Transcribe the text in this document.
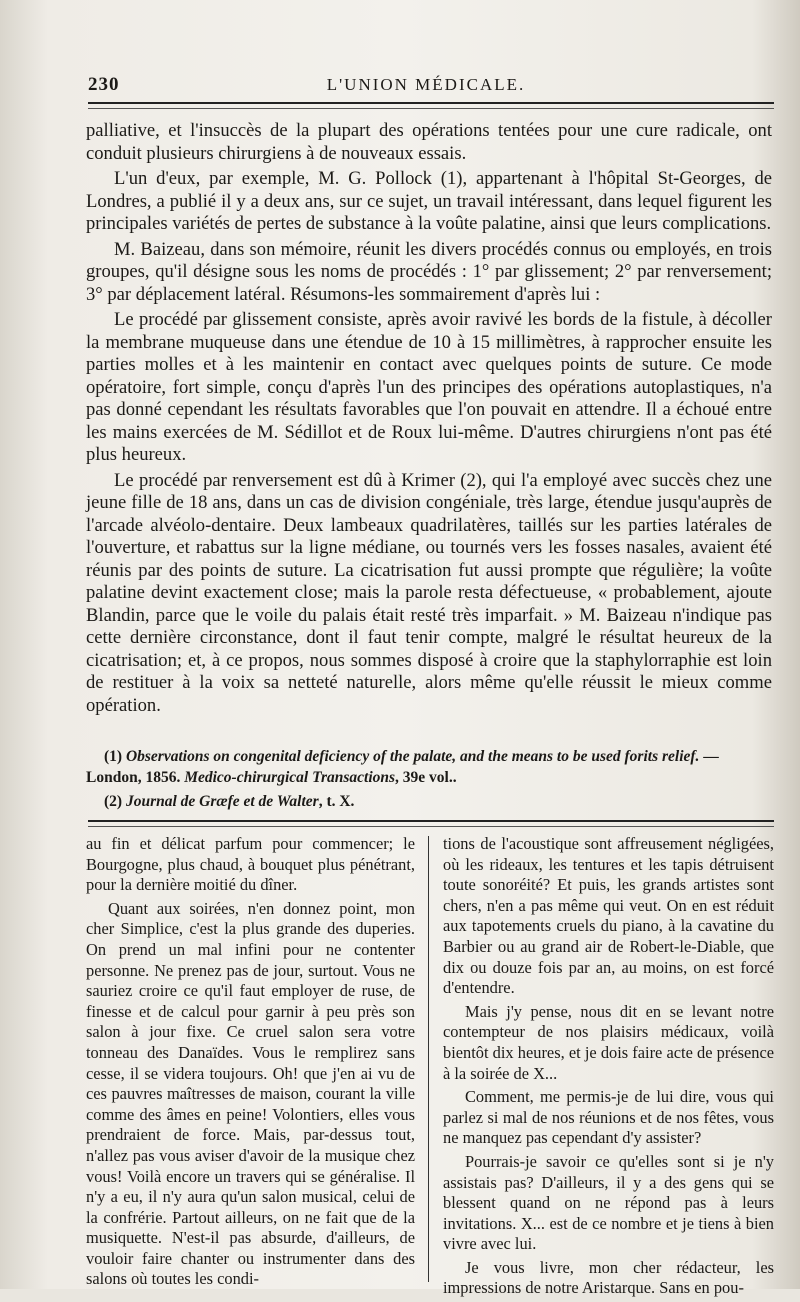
230	L'UNION MÉDICALE.

palliative, et l'insuccès de la plupart des opérations tentées pour une cure radicale, ont conduit plusieurs chirurgiens à de nouveaux essais.

L'un d'eux, par exemple, M. G. Pollock (1), appartenant à l'hôpital St-Georges, de Londres, a publié il y a deux ans, sur ce sujet, un travail intéressant, dans lequel figurent les principales variétés de pertes de substance à la voûte palatine, ainsi que leurs complications.

M. Baizeau, dans son mémoire, réunit les divers procédés connus ou employés, en trois groupes, qu'il désigne sous les noms de procédés : 1° par glissement; 2° par renversement; 3° par déplacement latéral. Résumons-les sommairement d'après lui :

Le procédé par glissement consiste, après avoir ravivé les bords de la fistule, à décoller la membrane muqueuse dans une étendue de 10 à 15 millimètres, à rapprocher ensuite les parties molles et à les maintenir en contact avec quelques points de suture. Ce mode opératoire, fort simple, conçu d'après l'un des principes des opérations autoplastiques, n'a pas donné cependant les résultats favorables que l'on pouvait en attendre. Il a échoué entre les mains exercées de M. Sédillot et de Roux lui-même. D'autres chirurgiens n'ont pas été plus heureux.

Le procédé par renversement est dû à Krimer (2), qui l'a employé avec succès chez une jeune fille de 18 ans, dans un cas de division congéniale, très large, étendue jusqu'auprès de l'arcade alvéolo-dentaire. Deux lambeaux quadrilatères, taillés sur les parties latérales de l'ouverture, et rabattus sur la ligne médiane, ou tournés vers les fosses nasales, avaient été réunis par des points de suture. La cicatrisation fut aussi prompte que régulière; la voûte palatine devint exactement close; mais la parole resta défectueuse, « probablement, ajoute Blandin, parce que le voile du palais était resté très imparfait. » M. Baizeau n'indique pas cette dernière circonstance, dont il faut tenir compte, malgré le résultat heureux de la cicatrisation; et, à ce propos, nous sommes disposé à croire que la staphylorraphie est loin de restituer à la voix sa netteté naturelle, alors même qu'elle réussit le mieux comme opération.

(1) Observations on congenital deficiency of the palate, and the means to be used forits relief. — London, 1856. Medico-chirurgical Transactions, 39e vol..

(2) Journal de Græfe et de Walter, t. X.

au fin et délicat parfum pour commencer; le Bourgogne, plus chaud, à bouquet plus pénétrant, pour la dernière moitié du dîner.

Quant aux soirées, n'en donnez point, mon cher Simplice, c'est la plus grande des duperies. On prend un mal infini pour ne contenter personne. Ne prenez pas de jour, surtout. Vous ne sauriez croire ce qu'il faut employer de ruse, de finesse et de calcul pour garnir à peu près son salon à jour fixe. Ce cruel salon sera votre tonneau des Danaïdes. Vous le remplirez sans cesse, il se videra toujours. Oh! que j'en ai vu de ces pauvres maîtresses de maison, courant la ville comme des âmes en peine! Volontiers, elles vous prendraient de force. Mais, par-dessus tout, n'allez pas vous aviser d'avoir de la musique chez vous! Voilà encore un travers qui se généralise. Il n'y a eu, il n'y aura qu'un salon musical, celui de la confrérie. Partout ailleurs, on ne fait que de la musiquette. N'est-il pas absurde, d'ailleurs, de vouloir faire chanter ou instrumenter dans des salons où toutes les condi-

tions de l'acoustique sont affreusement négligées, où les rideaux, les tentures et les tapis détruisent toute sonoréité? Et puis, les grands artistes sont chers, n'en a pas même qui veut. On en est réduit aux tapotements cruels du piano, à la cavatine du Barbier ou au grand air de Robert-le-Diable, que dix ou douze fois par an, au moins, on est forcé d'entendre.

Mais j'y pense, nous dit en se levant notre contempteur de nos plaisirs médicaux, voilà bientôt dix heures, et je dois faire acte de présence à la soirée de X...

Comment, me permis-je de lui dire, vous qui parlez si mal de nos réunions et de nos fêtes, vous ne manquez pas cependant d'y assister?

Pourrais-je savoir ce qu'elles sont si je n'y assistais pas? D'ailleurs, il y a des gens qui se blessent quand on ne répond pas à leurs invitations. X... est de ce nombre et je tiens à bien vivre avec lui.

Je vous livre, mon cher rédacteur, les impressions de notre Aristarque. Sans en pou-
